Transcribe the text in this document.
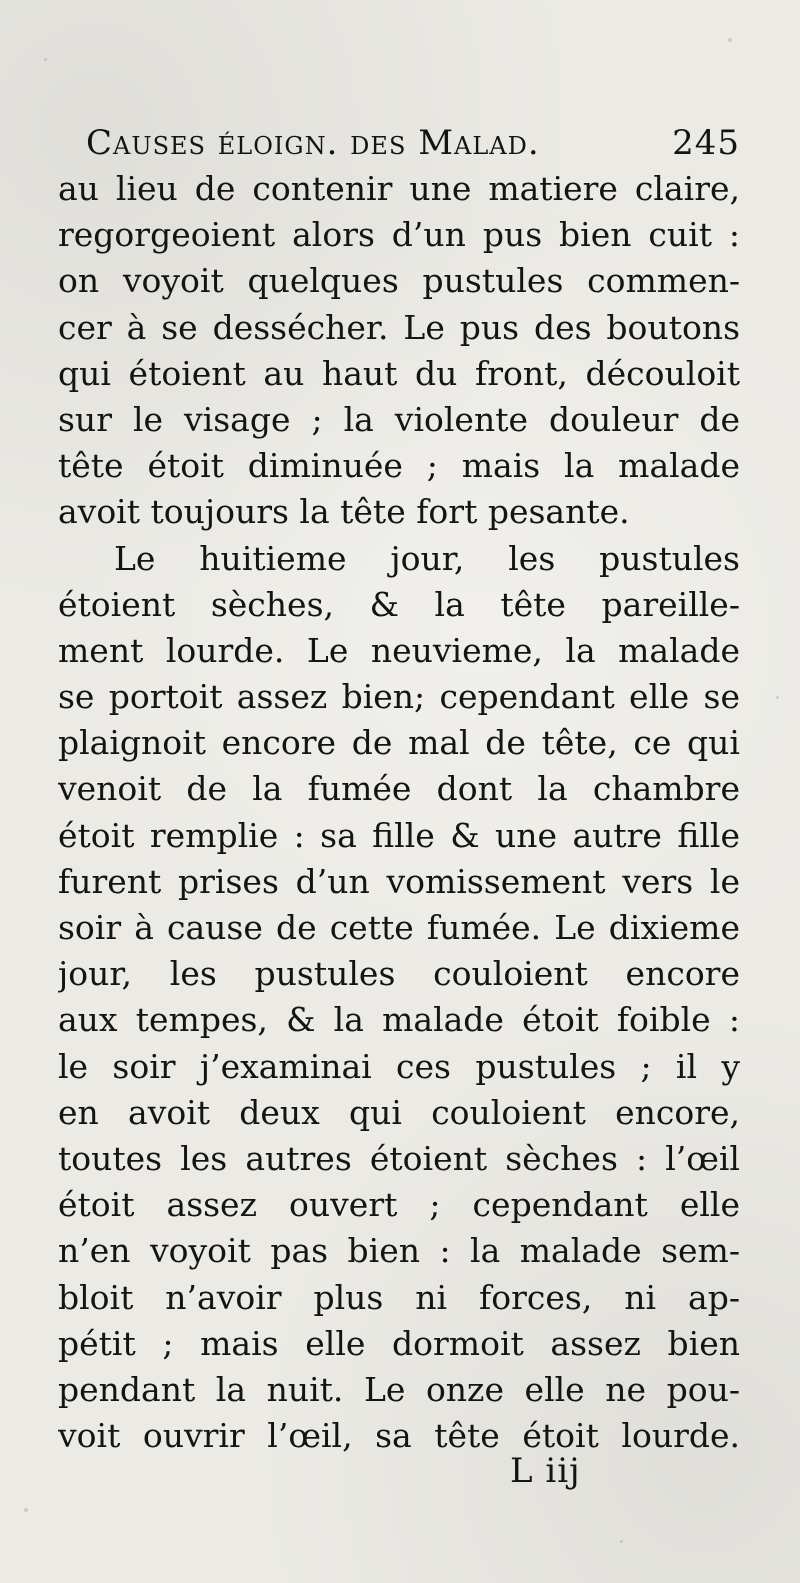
Causes éloign. des Malad.	245
au lieu de contenir une matiere claire,
regorgeoient alors d’un pus bien cuit :
on voyoit quelques pustules commen-
cer à se dessécher. Le pus des boutons
qui étoient au haut du front, découloit
sur le visage ; la violente douleur de
tête étoit diminuée ; mais la malade
avoit toujours la tête fort pesante.
Le huitieme jour, les pustules
étoient sèches, & la tête pareille-
ment lourde. Le neuvieme, la malade
se portoit assez bien; cependant elle se
plaignoit encore de mal de tête, ce qui
venoit de la fumée dont la chambre
étoit remplie : sa fille & une autre fille
furent prises d’un vomissement vers le
soir à cause de cette fumée. Le dixieme
jour, les pustules couloient encore
aux tempes, & la malade étoit foible :
le soir j’examinai ces pustules ; il y
en avoit deux qui couloient encore,
toutes les autres étoient sèches : l’œil
étoit assez ouvert ; cependant elle
n’en voyoit pas bien : la malade sem-
bloit n’avoir plus ni forces, ni ap-
pétit ; mais elle dormoit assez bien
pendant la nuit. Le onze elle ne pou-
voit ouvrir l’œil, sa tête étoit lourde.
L iij
